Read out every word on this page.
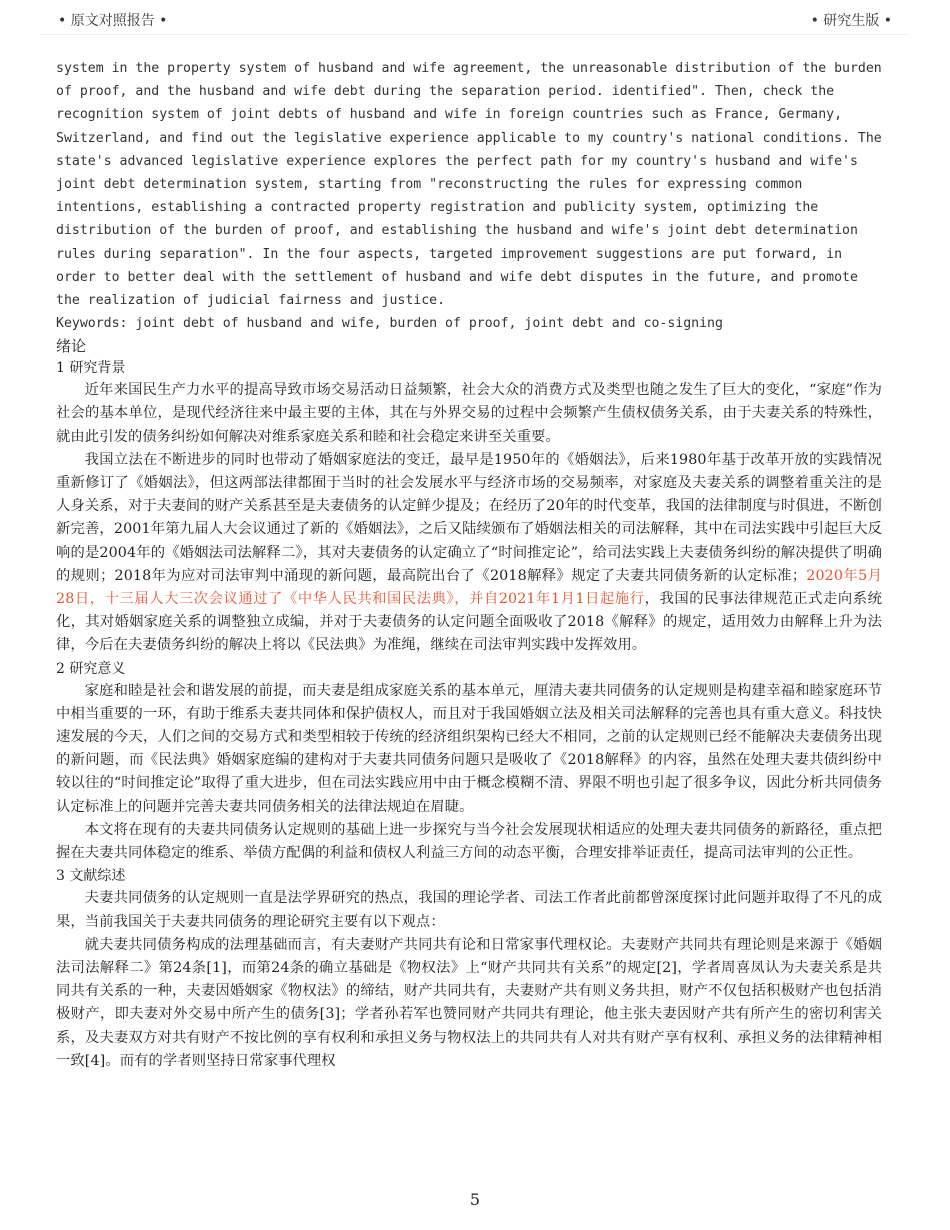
• 原文对照报告 •	• 研究生版 •

system in the property system of husband and wife agreement, the unreasonable distribution of the burden of proof, and the husband and wife debt during the separation period. identified". Then, check the recognition system of joint debts of husband and wife in foreign countries such as France, Germany, Switzerland, and find out the legislative experience applicable to my country's national conditions. The state's advanced legislative experience explores the perfect path for my country's husband and wife's joint debt determination system, starting from "reconstructing the rules for expressing common intentions, establishing a contracted property registration and publicity system, optimizing the distribution of the burden of proof, and establishing the husband and wife's joint debt determination rules during separation". In the four aspects, targeted improvement suggestions are put forward, in order to better deal with the settlement of husband and wife debt disputes in the future, and promote the realization of judicial fairness and justice.

Keywords: joint debt of husband and wife, burden of proof, joint debt and co-signing

绪论

1 研究背景

近年来国民生产力水平的提高导致市场交易活动日益频繁，社会大众的消费方式及类型也随之发生了巨大的变化，“家庭”作为社会的基本单位，是现代经济往来中最主要的主体，其在与外界交易的过程中会频繁产生债权债务关系，由于夫妻关系的特殊性，就由此引发的债务纠纷如何解决对维系家庭关系和睦和社会稳定来讲至关重要。

我国立法在不断进步的同时也带动了婚姻家庭法的变迁，最早是1950年的《婚姻法》，后来1980年基于改革开放的实践情况重新修订了《婚姻法》，但这两部法律都囿于当时的社会发展水平与经济市场的交易频率，对家庭及夫妻关系的调整着重关注的是人身关系，对于夫妻间的财产关系甚至是夫妻债务的认定鲜少提及；在经历了20年的时代变革，我国的法律制度与时俱进，不断创新完善，2001年第九届人大会议通过了新的《婚姻法》，之后又陆续颁布了婚姻法相关的司法解释，其中在司法实践中引起巨大反响的是2004年的《婚姻法司法解释二》，其对夫妻债务的认定确立了“时间推定论”，给司法实践上夫妻债务纠纷的解决提供了明确的规则；2018年为应对司法审判中涌现的新问题，最高院出台了《2018解释》规定了夫妻共同债务新的认定标准；2020年5月28日，十三届人大三次会议通过了《中华人民共和国民法典》，并自2021年1月1日起施行，我国的民事法律规范正式走向系统化，其对婚姻家庭关系的调整独立成编，并对于夫妻债务的认定问题全面吸收了2018《解释》的规定，适用效力由解释上升为法律，今后在夫妻债务纠纷的解决上将以《民法典》为准绳，继续在司法审判实践中发挥效用。

2 研究意义

家庭和睦是社会和谐发展的前提，而夫妻是组成家庭关系的基本单元，厘清夫妻共同债务的认定规则是构建幸福和睦家庭环节中相当重要的一环，有助于维系夫妻共同体和保护债权人，而且对于我国婚姻立法及相关司法解释的完善也具有重大意义。科技快速发展的今天，人们之间的交易方式和类型相较于传统的经济组织架构已经大不相同，之前的认定规则已经不能解决夫妻债务出现的新问题，而《民法典》婚姻家庭编的建构对于夫妻共同债务问题只是吸收了《2018解释》的内容，虽然在处理夫妻共债纠纷中较以往的“时间推定论”取得了重大进步，但在司法实践应用中由于概念模糊不清、界限不明也引起了很多争议，因此分析共同债务认定标准上的问题并完善夫妻共同债务相关的法律法规迫在眉睫。

本文将在现有的夫妻共同债务认定规则的基础上进一步探究与当今社会发展现状相适应的处理夫妻共同债务的新路径，重点把握在夫妻共同体稳定的维系、举债方配偶的利益和债权人利益三方间的动态平衡，合理安排举证责任，提高司法审判的公正性。

3 文献综述

夫妻共同债务的认定规则一直是法学界研究的热点，我国的理论学者、司法工作者此前都曾深度探讨此问题并取得了不凡的成果，当前我国关于夫妻共同债务的理论研究主要有以下观点：

就夫妻共同债务构成的法理基础而言，有夫妻财产共同共有论和日常家事代理权论。夫妻财产共同共有理论则是来源于《婚姻法司法解释二》第24条[1]，而第24条的确立基础是《物权法》上“财产共同共有关系”的规定[2]，学者周喜凤认为夫妻关系是共同共有关系的一种，夫妻因婚姻家《物权法》的缔结，财产共同共有，夫妻财产共有则义务共担，财产不仅包括积极财产也包括消极财产，即夫妻对外交易中所产生的债务[3]；学者孙若军也赞同财产共同共有理论，他主张夫妻因财产共有所产生的密切利害关系，及夫妻双方对共有财产不按比例的享有权利和承担义务与物权法上的共同共有人对共有财产享有权利、承担义务的法律精神相一致[4]。而有的学者则坚持日常家事代理权

5
